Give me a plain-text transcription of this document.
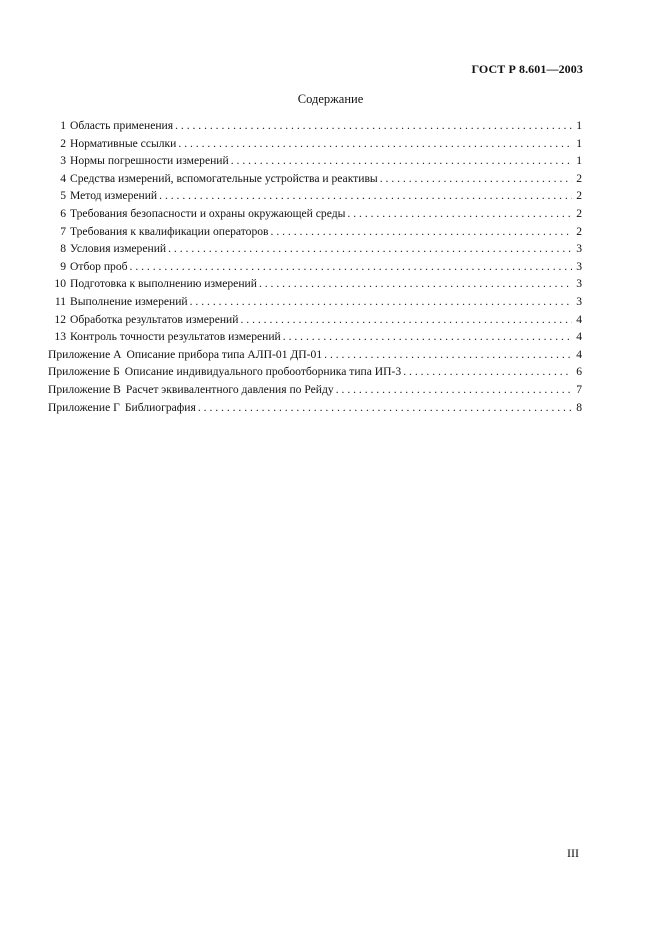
ГОСТ Р 8.601—2003
Содержание
1 Область применения . . .	1
2 Нормативные ссылки . . .	1
3 Нормы погрешности измерений . . .	1
4 Средства измерений, вспомогательные устройства и реактивы . . .	2
5 Метод измерений . . .	2
6 Требования безопасности и охраны окружающей среды . . .	2
7 Требования к квалификации операторов . . .	2
8 Условия измерений . . .	3
9 Отбор проб . . .	3
10 Подготовка к выполнению измерений . . .	3
11 Выполнение измерений . . .	3
12 Обработка результатов измерений . . .	4
13 Контроль точности результатов измерений . . .	4
Приложение А Описание прибора типа АЛП-01 ДП-01 . . .	4
Приложение Б Описание индивидуального пробоотборника типа ИП-3 . . .	6
Приложение В Расчет эквивалентного давления по Рейду . . .	7
Приложение Г Библиография . . .	8
III
